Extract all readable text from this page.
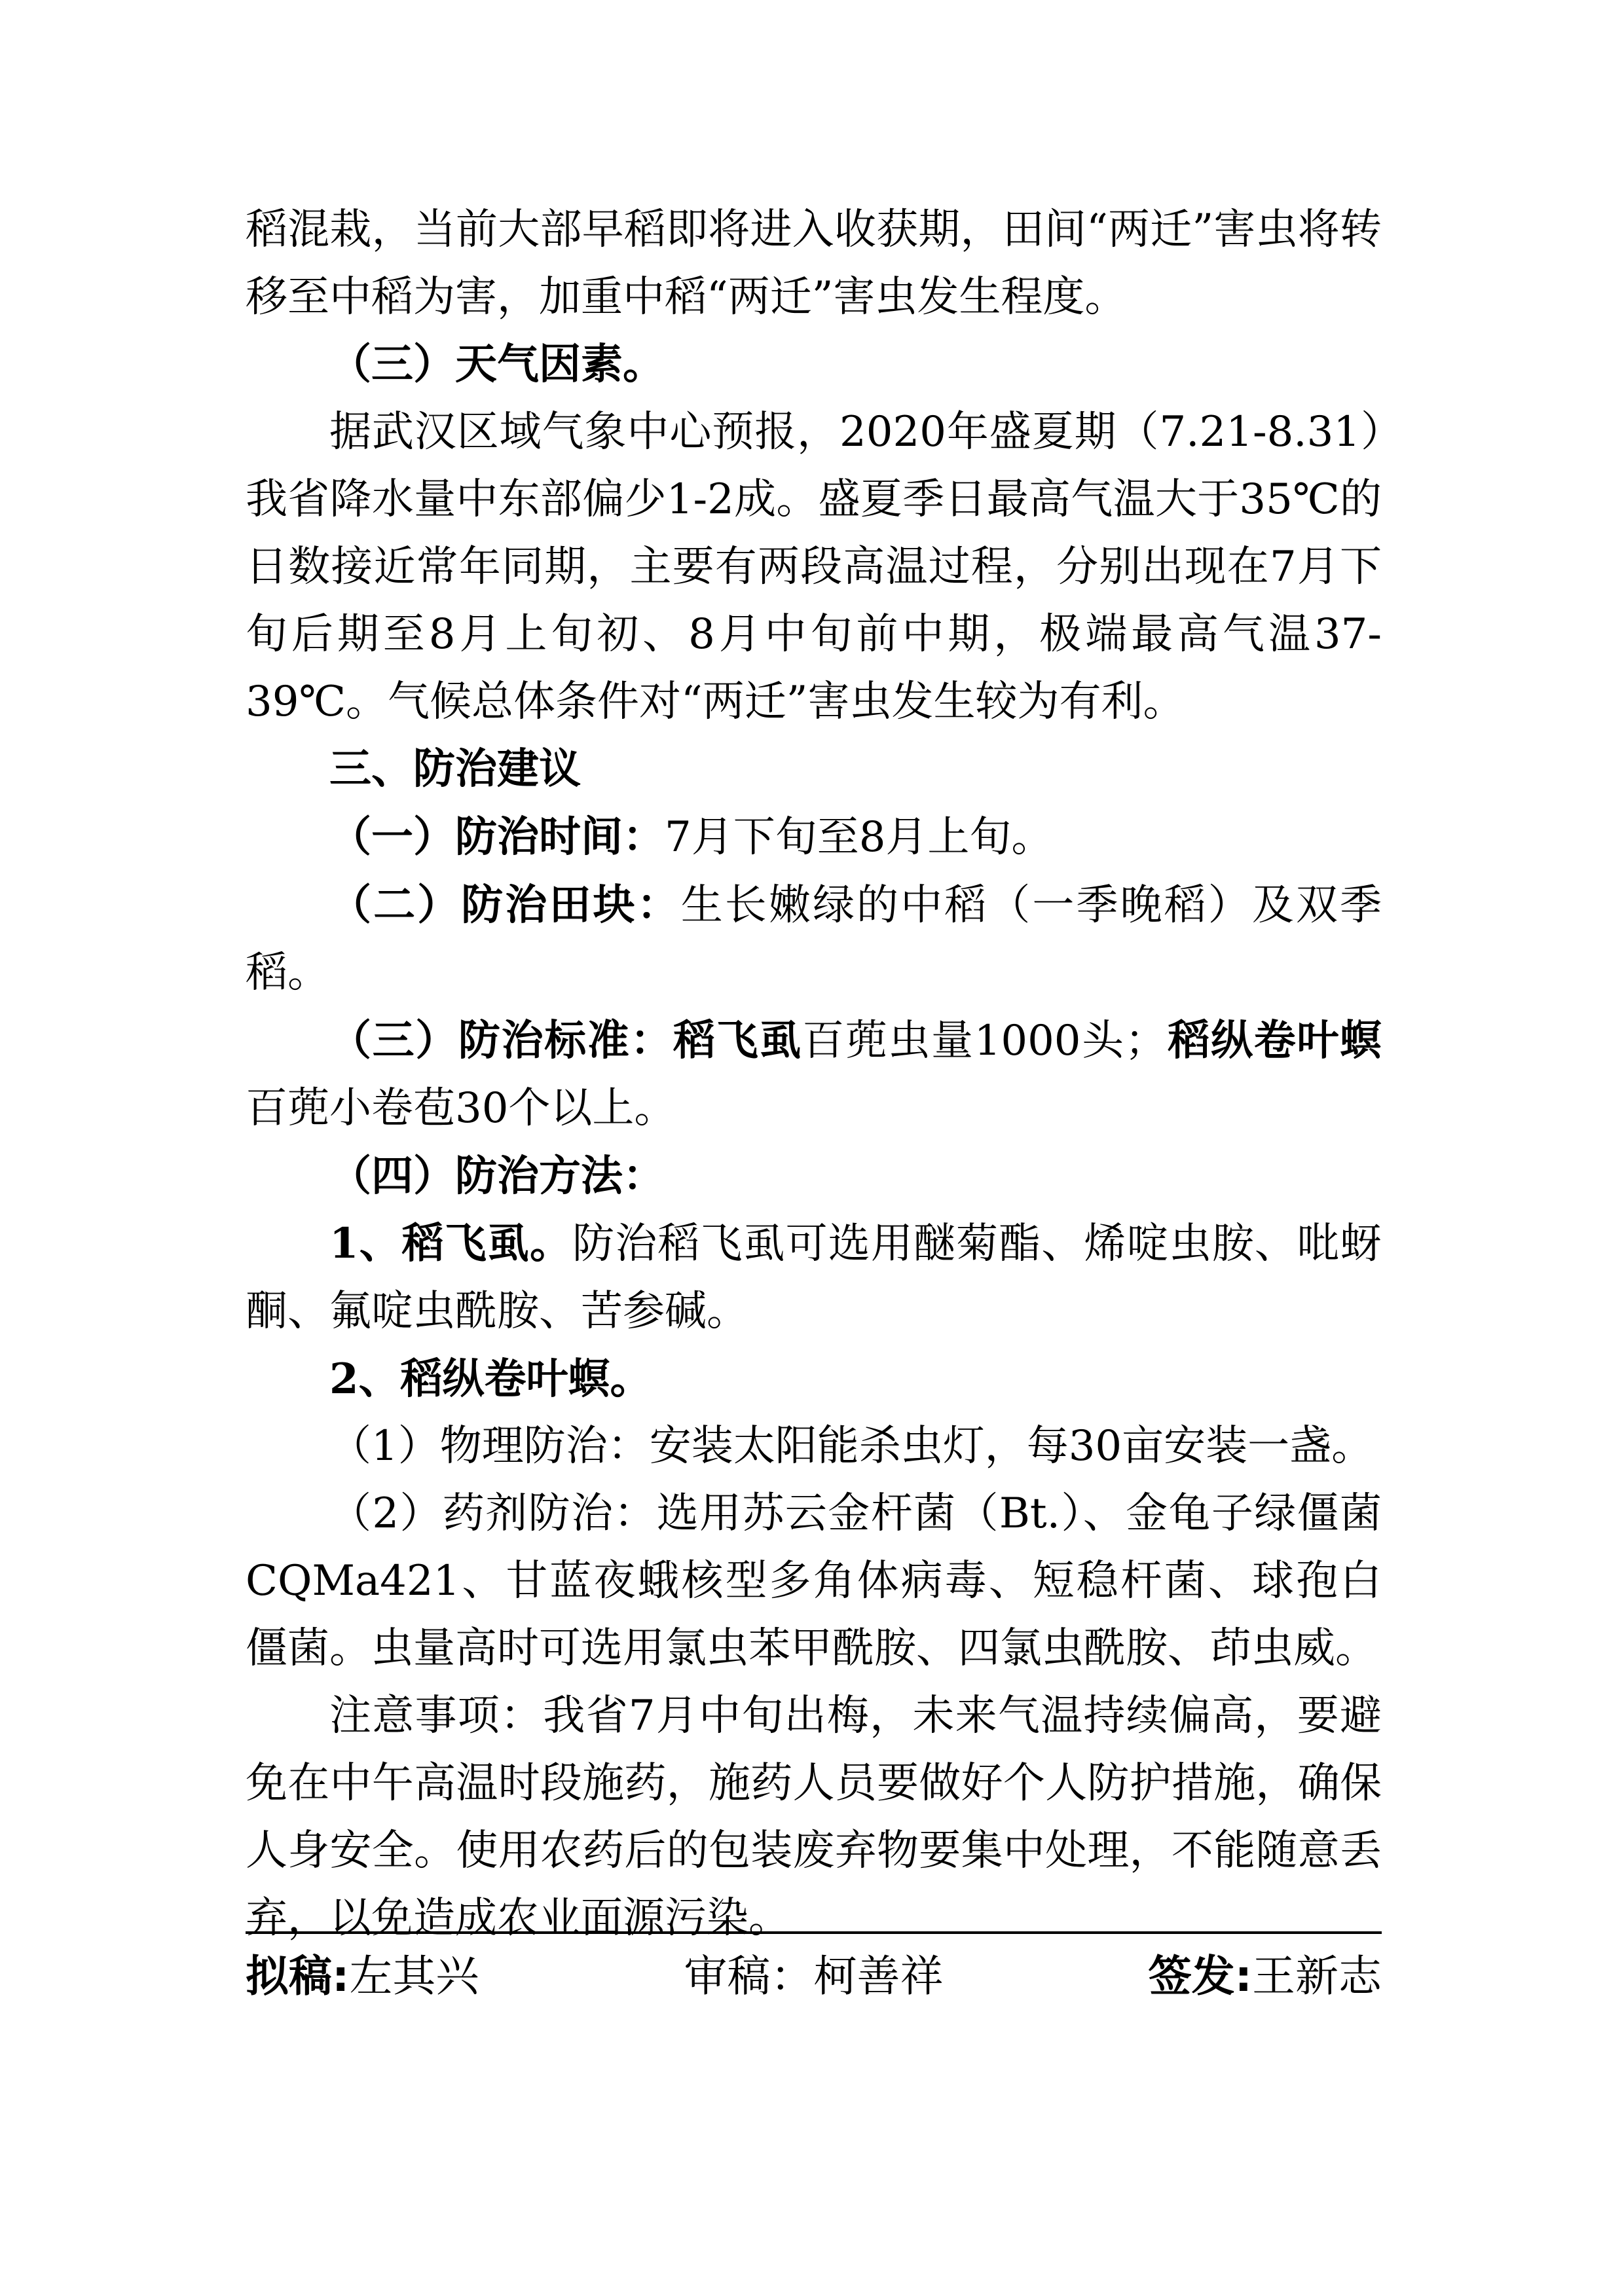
稻混栽，当前大部早稻即将进入收获期，田间“两迁”害虫将转移至中稻为害，加重中稻“两迁”害虫发生程度。

（三）天气因素。

据武汉区域气象中心预报，2020年盛夏期（7.21-8.31）我省降水量中东部偏少1-2成。盛夏季日最高气温大于35℃的日数接近常年同期，主要有两段高温过程，分别出现在7月下旬后期至8月上旬初、8月中旬前中期，极端最高气温37-39℃。气候总体条件对“两迁”害虫发生较为有利。

三、防治建议

（一）防治时间：7月下旬至8月上旬。

（二）防治田块：生长嫩绿的中稻（一季晚稻）及双季稻。

（三）防治标准：稻飞虱百蔸虫量1000头；稻纵卷叶螟百蔸小卷苞30个以上。

（四）防治方法：

1、稻飞虱。防治稻飞虱可选用醚菊酯、烯啶虫胺、吡蚜酮、氟啶虫酰胺、苦参碱。

2、稻纵卷叶螟。

（1）物理防治：安装太阳能杀虫灯，每30亩安装一盏。

（2）药剂防治：选用苏云金杆菌（Bt.）、金龟子绿僵菌CQMa421、甘蓝夜蛾核型多角体病毒、短稳杆菌、球孢白僵菌。虫量高时可选用氯虫苯甲酰胺、四氯虫酰胺、茚虫威。

注意事项：我省7月中旬出梅，未来气温持续偏高，要避免在中午高温时段施药，施药人员要做好个人防护措施，确保人身安全。使用农药后的包装废弃物要集中处理，不能随意丢弃，以免造成农业面源污染。

拟稿:左其兴	审稿：柯善祥	签发:王新志
